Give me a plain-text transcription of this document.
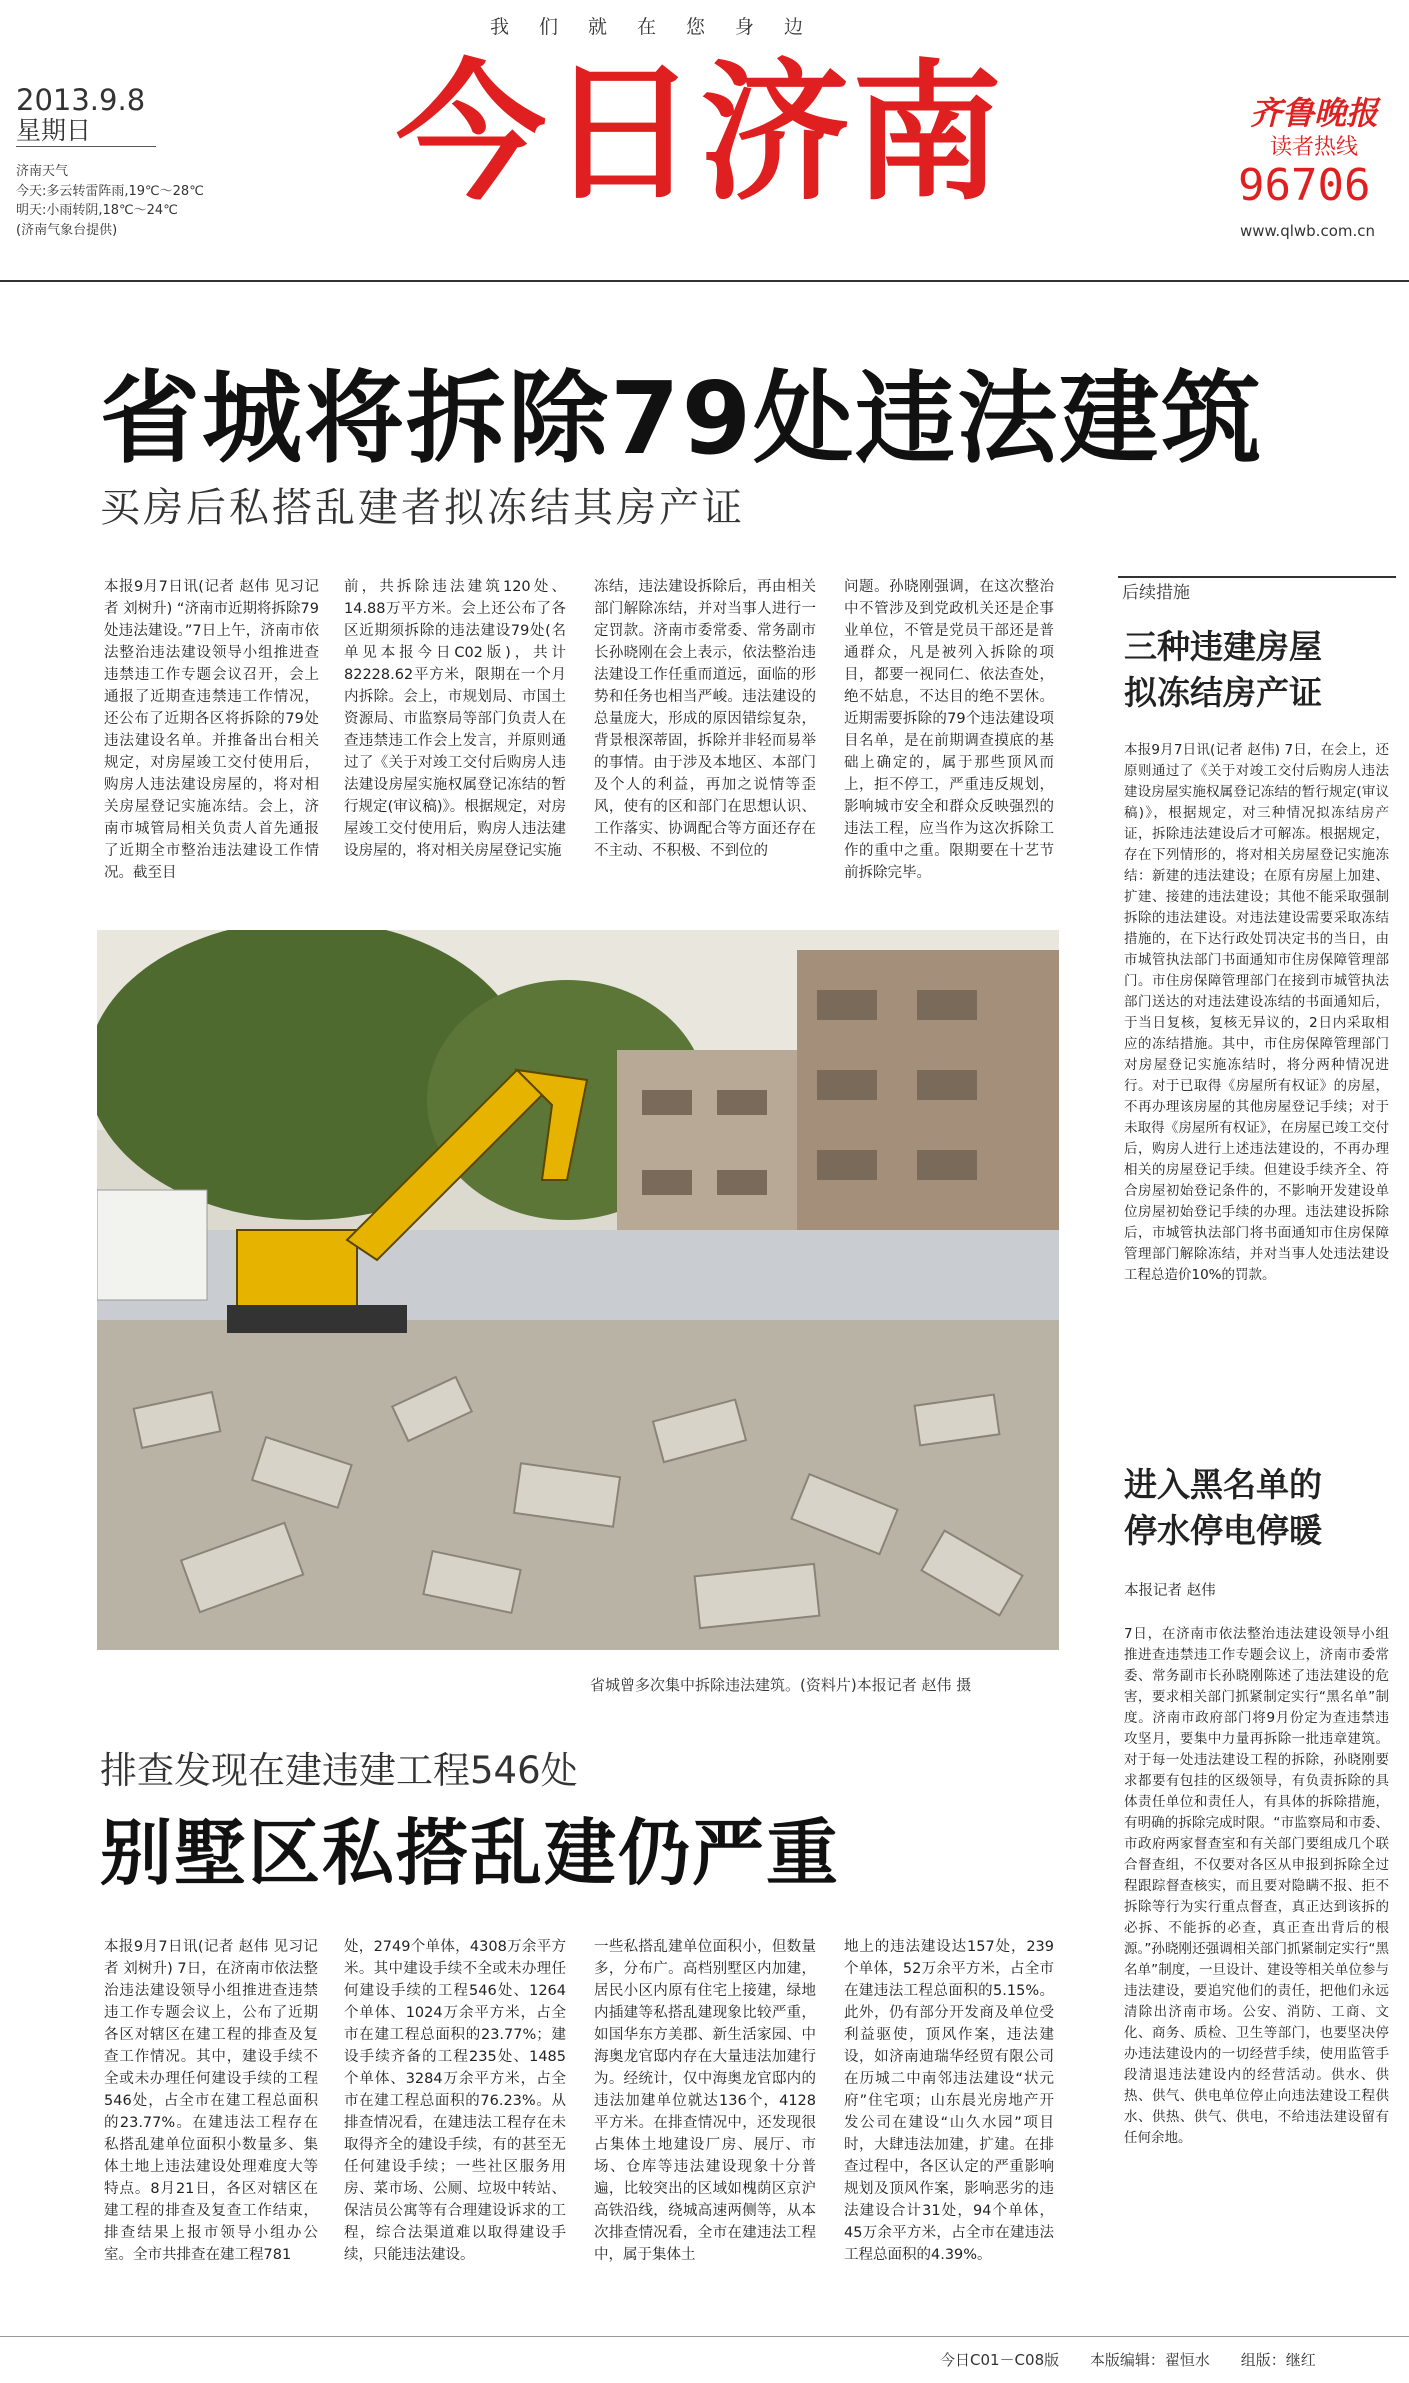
我们就在您身边
2013.9.8
星期日
济南天气
今天:多云转雷阵雨,19℃～28℃
明天:小雨转阴,18℃～24℃
(济南气象台提供)
今日济南	齐鲁晚报
读者热线
96706
www.qlwb.com.cn
省城将拆除79处违法建筑
买房后私搭乱建者拟冻结其房产证
本报9月7日讯(记者 赵伟 见习记者 刘树升) “济南市近期将拆除79处违法建设。”7日上午，济南市依法整治违法建设领导小组推进查违禁违工作专题会议召开，会上通报了近期查违禁违工作情况，还公布了近期各区将拆除的79处违法建设名单。并推备出台相关规定，对房屋竣工交付使用后，购房人违法建设房屋的，将对相关房屋登记实施冻结。会上，济南市城管局相关负责人首先通报了近期全市整治违法建设工作情况。截至目
前，共拆除违法建筑120处、14.88万平方米。会上还公布了各区近期须拆除的违法建设79处(名单见本报今日C02版)，共计82228.62平方米，限期在一个月内拆除。会上，市规划局、市国土资源局、市监察局等部门负责人在查违禁违工作会上发言，并原则通过了《关于对竣工交付后购房人违法建设房屋实施权属登记冻结的暂行规定(审议稿)》。根据规定，对房屋竣工交付使用后，购房人违法建设房屋的，将对相关房屋登记实施
冻结，违法建设拆除后，再由相关部门解除冻结，并对当事人进行一定罚款。济南市委常委、常务副市长孙晓刚在会上表示，依法整治违法建设工作任重而道远，面临的形势和任务也相当严峻。违法建设的总量庞大，形成的原因错综复杂，背景根深蒂固，拆除并非轻而易举的事情。由于涉及本地区、本部门及个人的利益，再加之说情等歪风，使有的区和部门在思想认识、工作落实、协调配合等方面还存在不主动、不积极、不到位的
问题。孙晓刚强调，在这次整治中不管涉及到党政机关还是企事业单位，不管是党员干部还是普通群众，凡是被列入拆除的项目，都要一视同仁、依法查处，绝不姑息，不达目的绝不罢休。近期需要拆除的79个违法建设项目名单，是在前期调查摸底的基础上确定的，属于那些顶风而上，拒不停工，严重违反规划，影响城市安全和群众反映强烈的违法工程，应当作为这次拆除工作的重中之重。限期要在十艺节前拆除完毕。
省城曾多次集中拆除违法建筑。(资料片)本报记者 赵伟 摄
后续措施
三种违建房屋
拟冻结房产证
本报9月7日讯(记者 赵伟) 7日，在会上，还原则通过了《关于对竣工交付后购房人违法建设房屋实施权属登记冻结的暂行规定(审议稿)》，根据规定，对三种情况拟冻结房产证，拆除违法建设后才可解冻。根据规定，存在下列情形的，将对相关房屋登记实施冻结：新建的违法建设；在原有房屋上加建、扩建、接建的违法建设；其他不能采取强制拆除的违法建设。对违法建设需要采取冻结措施的，在下达行政处罚决定书的当日，由市城管执法部门书面通知市住房保障管理部门。市住房保障管理部门在接到市城管执法部门送达的对违法建设冻结的书面通知后，于当日复核，复核无异议的，2日内采取相应的冻结措施。其中，市住房保障管理部门对房屋登记实施冻结时，将分两种情况进行。对于已取得《房屋所有权证》的房屋，不再办理该房屋的其他房屋登记手续；对于未取得《房屋所有权证》，在房屋已竣工交付后，购房人进行上述违法建设的，不再办理相关的房屋登记手续。但建设手续齐全、符合房屋初始登记条件的，不影响开发建设单位房屋初始登记手续的办理。违法建设拆除后，市城管执法部门将书面通知市住房保障管理部门解除冻结，并对当事人处违法建设工程总造价10%的罚款。
进入黑名单的
停水停电停暖
本报记者 赵伟
7日，在济南市依法整治违法建设领导小组推进查违禁违工作专题会议上，济南市委常委、常务副市长孙晓刚陈述了违法建设的危害，要求相关部门抓紧制定实行“黑名单”制度。济南市政府部门将9月份定为查违禁违攻坚月，要集中力量再拆除一批违章建筑。对于每一处违法建设工程的拆除，孙晓刚要求都要有包挂的区级领导，有负责拆除的具体责任单位和责任人，有具体的拆除措施，有明确的拆除完成时限。“市监察局和市委、市政府两家督查室和有关部门要组成几个联合督查组，不仅要对各区从申报到拆除全过程跟踪督查核实，而且要对隐瞒不报、拒不拆除等行为实行重点督查，真正达到该拆的必拆、不能拆的必查，真正查出背后的根源。”孙晓刚还强调相关部门抓紧制定实行“黑名单”制度，一旦设计、建设等相关单位参与违法建设，要追究他们的责任，把他们永远清除出济南市场。公安、消防、工商、文化、商务、质检、卫生等部门，也要坚决停办违法建设内的一切经营手续，使用监管手段清退违法建设内的经营活动。供水、供热、供气、供电单位停止向违法建设工程供水、供热、供气、供电，不给违法建设留有任何余地。
排查发现在建违建工程546处
别墅区私搭乱建仍严重
本报9月7日讯(记者 赵伟 见习记者 刘树升) 7日，在济南市依法整治违法建设领导小组推进查违禁违工作专题会议上，公布了近期各区对辖区在建工程的排查及复查工作情况。其中，建设手续不全或未办理任何建设手续的工程546处，占全市在建工程总面积的23.77%。在建违法工程存在私搭乱建单位面积小数量多、集体土地上违法建设处理难度大等特点。8月21日，各区对辖区在建工程的排查及复查工作结束，排查结果上报市领导小组办公室。全市共排查在建工程781
处，2749个单体，4308万余平方米。其中建设手续不全或未办理任何建设手续的工程546处、1264个单体、1024万余平方米，占全市在建工程总面积的23.77%；建设手续齐备的工程235处、1485个单体、3284万余平方米，占全市在建工程总面积的76.23%。从排查情况看，在建违法工程存在未取得齐全的建设手续，有的甚至无任何建设手续；一些社区服务用房、菜市场、公厕、垃圾中转站、保洁员公寓等有合理建设诉求的工程，综合法渠道难以取得建设手续，只能违法建设。
一些私搭乱建单位面积小，但数量多，分布广。高档别墅区内加建，居民小区内原有住宅上接建，绿地内插建等私搭乱建现象比较严重，如国华东方美郡、新生活家园、中海奥龙官邸内存在大量违法加建行为。经统计，仅中海奥龙官邸内的违法加建单位就达136个，4128平方米。在排查情况中，还发现很占集体土地建设厂房、展厅、市场、仓库等违法建设现象十分普遍，比较突出的区域如槐荫区京沪高铁沿线，绕城高速两侧等，从本次排查情况看，全市在建违法工程中，属于集体土
地上的违法建设达157处，239个单体，52万余平方米，占全市在建违法工程总面积的5.15%。此外，仍有部分开发商及单位受利益驱使，顶风作案，违法建设，如济南迪瑞华经贸有限公司在历城二中南邻违法建设“状元府”住宅项；山东晨光房地产开发公司在建设“山久水园”项目时，大肆违法加建，扩建。在排查过程中，各区认定的严重影响规划及顶风作案，影响恶劣的违法建设合计31处，94个单体，45万余平方米，占全市在建违法工程总面积的4.39%。
今日C01－C08版 本版编辑：翟恒水 组版：继红
